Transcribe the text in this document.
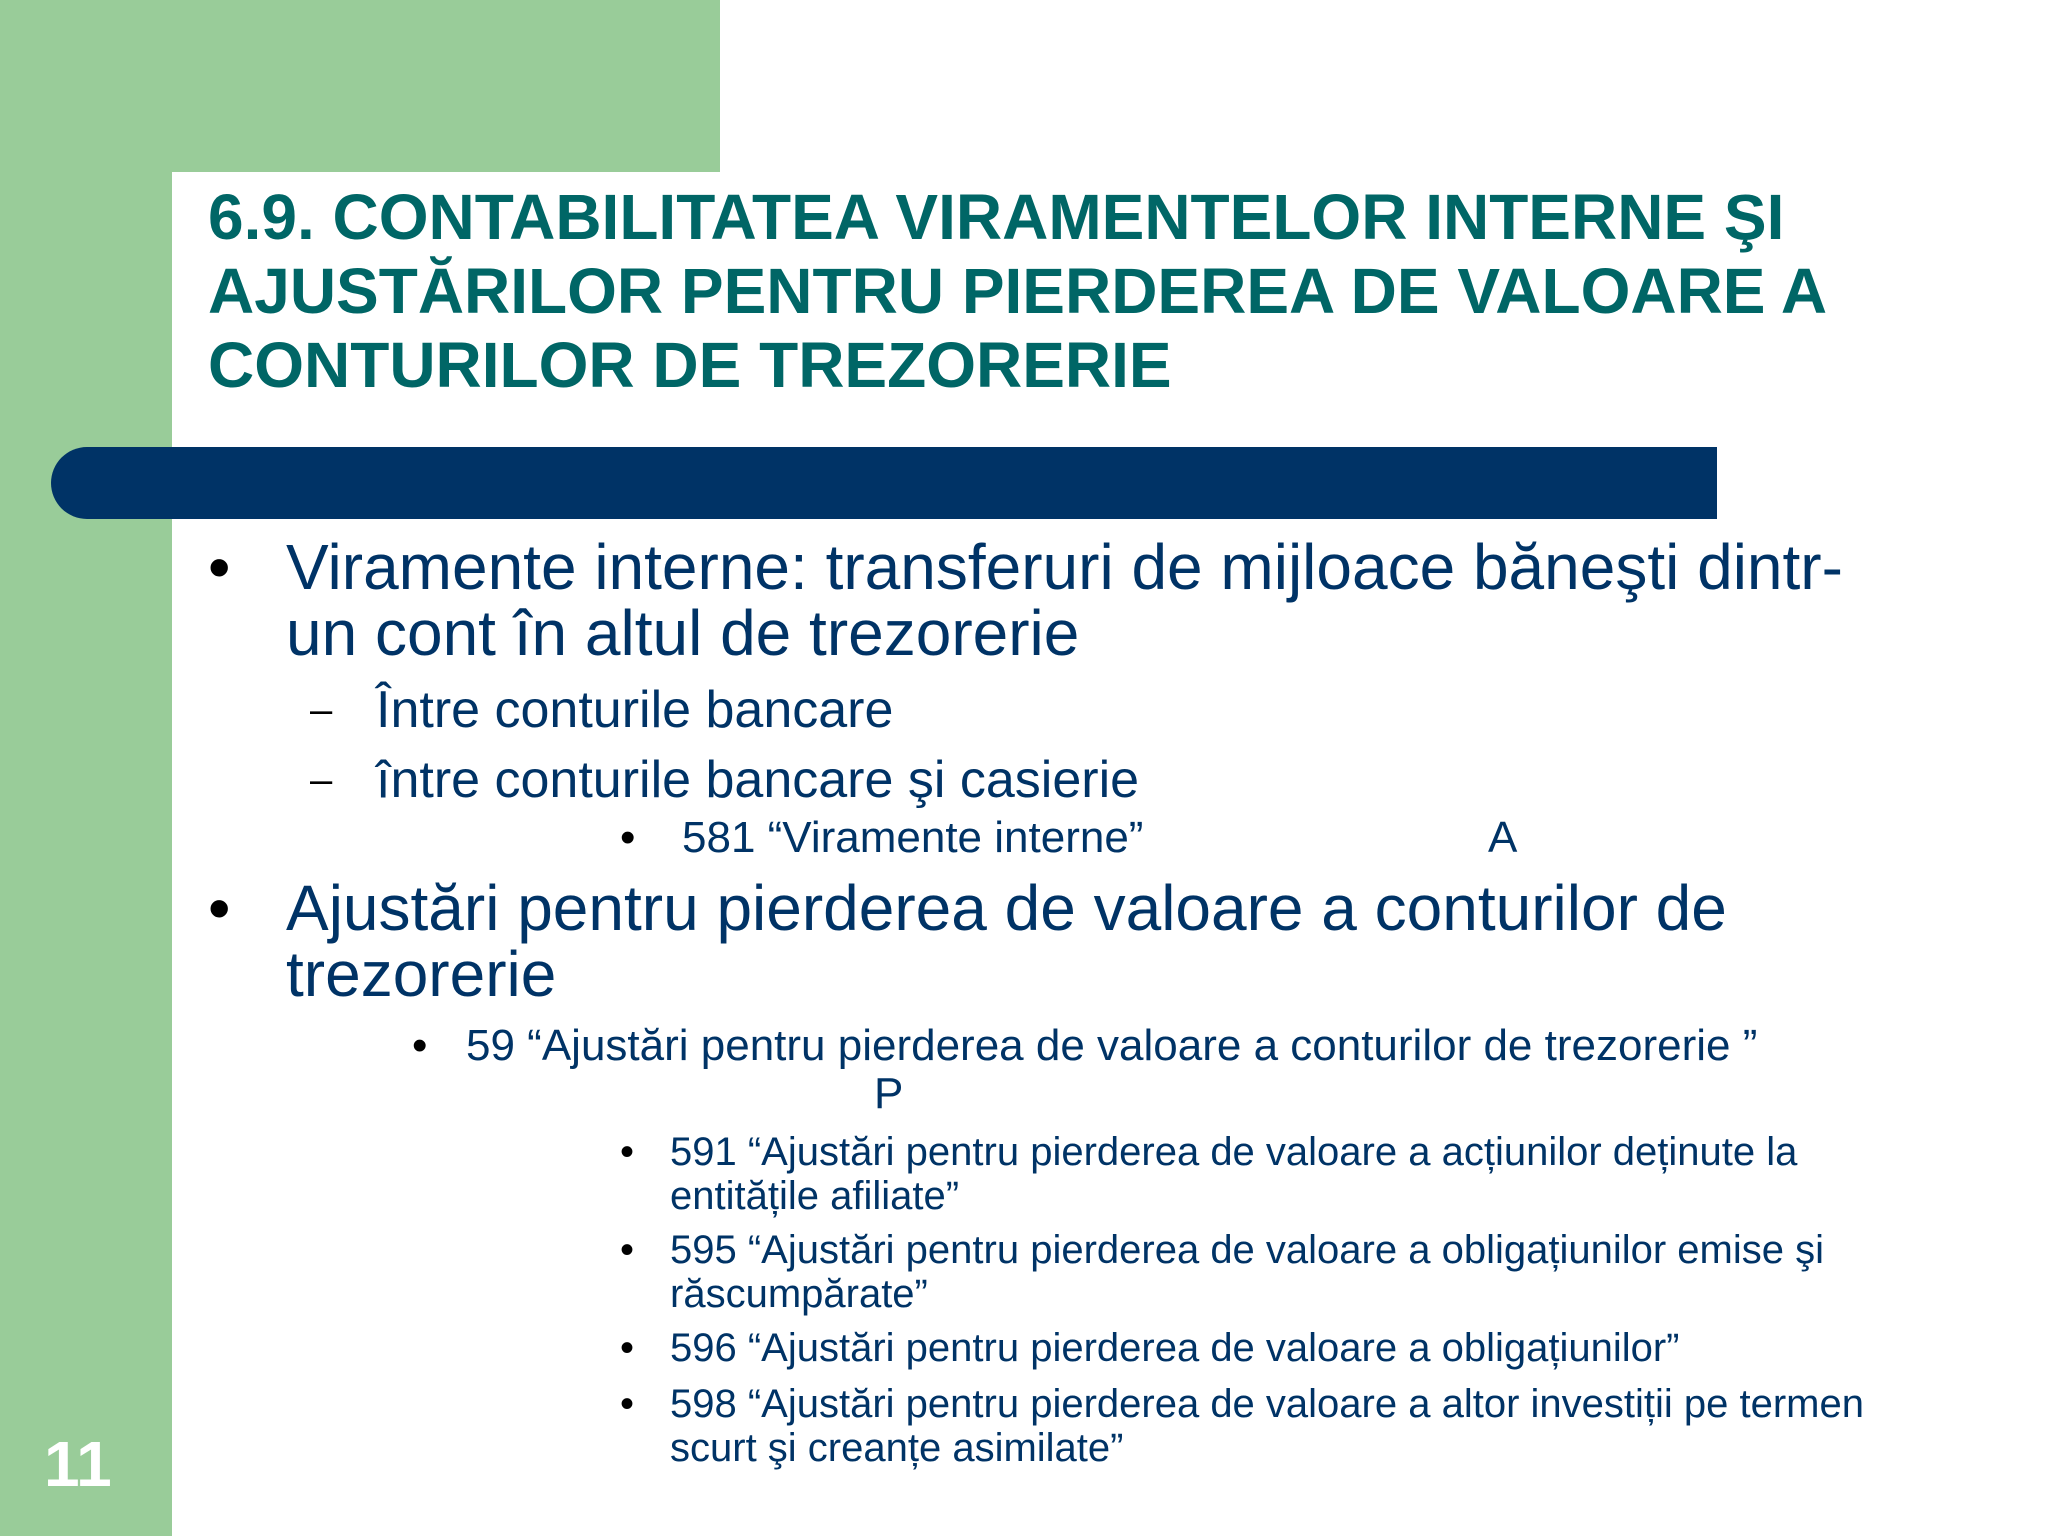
6.9. CONTABILITATEA VIRAMENTELOR INTERNE ŞI AJUSTĂRILOR PENTRU PIERDEREA DE VALOARE A CONTURILOR DE TREZORERIE
• Viramente interne: transferuri de mijloace băneşti dintr-un cont în altul de trezorerie

– Între conturile bancare

– între conturile bancare şi casierie

• 581 “Viramente interne”	A
• Ajustări pentru pierderea de valoare a conturilor de trezorerie

• 59 “Ajustări pentru pierderea de valoare a conturilor de trezorerie ”

P
• 591 “Ajustări pentru pierderea de valoare a acțiunilor deținute la entitățile afiliate”

• 595 “Ajustări pentru pierderea de valoare a obligațiunilor emise şi răscumpărate”

• 596 “Ajustări pentru pierderea de valoare a obligațiunilor”

• 598 “Ajustări pentru pierderea de valoare a altor investiții pe termen scurt şi creanțe asimilate”

11
